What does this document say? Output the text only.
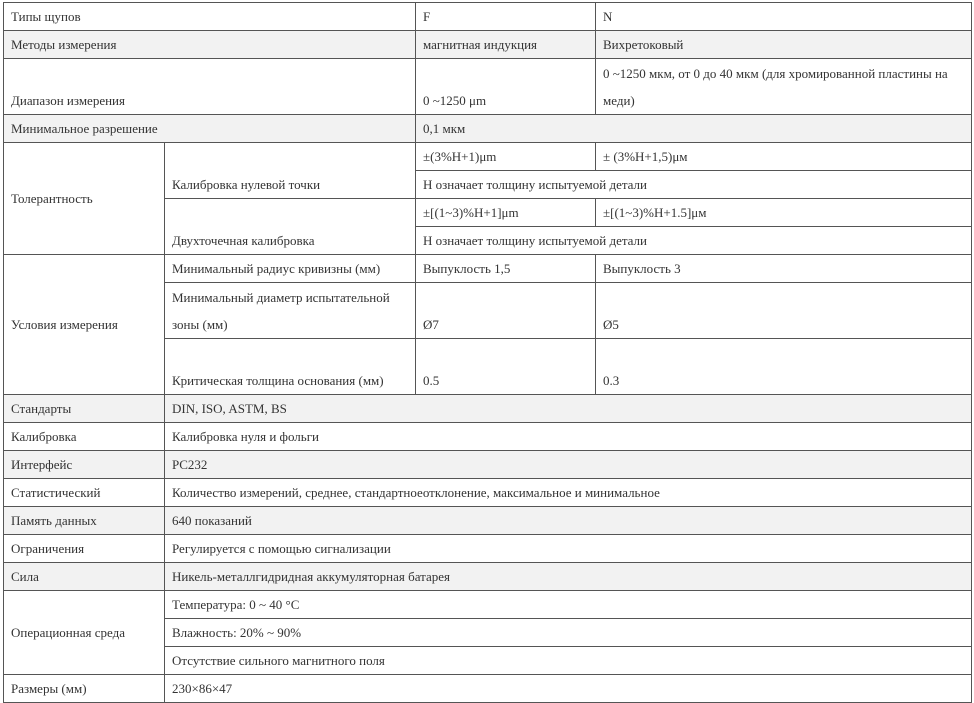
Типы щупов		F	N
Методы измерения		магнитная индукция	Вихретоковый
Диапазон измерения		0 ~1250 μm	0 ~1250 мкм, от 0 до 40 мкм (для хромированной пластины на меди)
Минимальное разрешение		0,1 мкм	
Толерантность	Калибровка нулевой точки	±(3%H+1)μm	± (3%H+1,5)μм
		H означает толщину испытуемой детали	
	Двухточечная калибровка	±[(1~3)%H+1]μm	±[(1~3)%H+1.5]μм
		H означает толщину испытуемой детали	
Условия измерения	Минимальный радиус кривизны (мм)	Выпуклость 1,5	Выпуклость 3
	Минимальный диаметр испытательной зоны (мм)	Ø7	Ø5
	Критическая толщина основания (мм)	0.5	0.3
Стандарты	DIN, ISO, ASTM, BS		
Калибровка	Калибровка нуля и фольги		
Интерфейс	PC232		
Статистический	Количество измерений, среднее, стандартноеотклонение, максимальное и минимальное		
Память данных	640 показаний		
Ограничения	Регулируется с помощью сигнализации		
Сила	Никель-металлгидридная аккумуляторная батарея		
Операционная среда	Температура: 0 ~ 40 °C		
	Влажность: 20% ~ 90%		
	Отсутствие сильного магнитного поля		
Размеры (мм)	230×86×47		
